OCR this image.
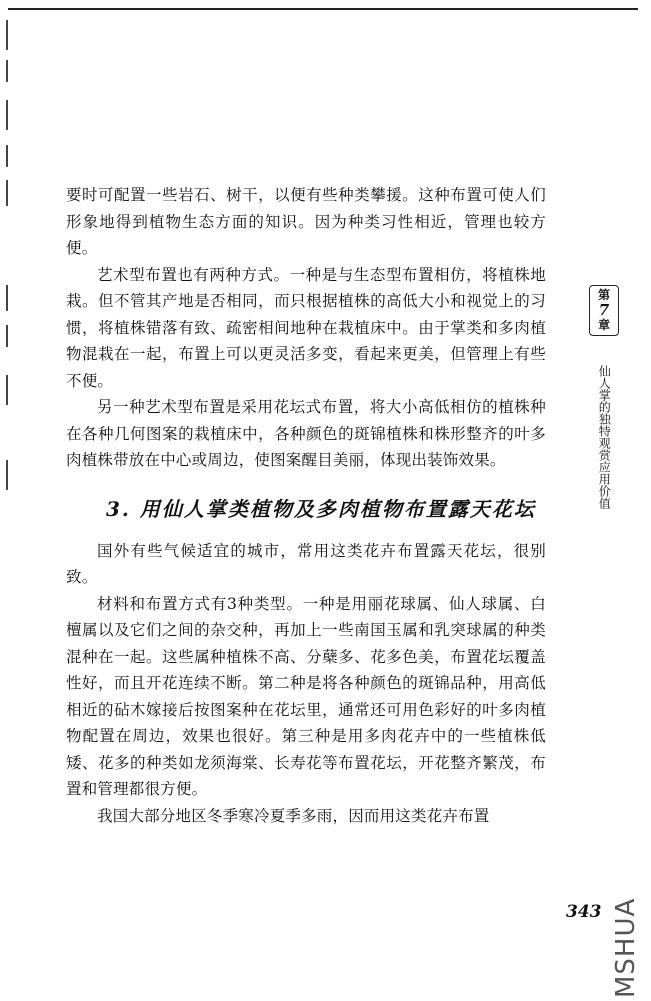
要时可配置一些岩石、树干，以便有些种类攀援。这种布置可使人们形象地得到植物生态方面的知识。因为种类习性相近，管理也较方便。

艺术型布置也有两种方式。一种是与生态型布置相仿，将植株地栽。但不管其产地是否相同，而只根据植株的高低大小和视觉上的习惯，将植株错落有致、疏密相间地种在栽植床中。由于掌类和多肉植物混栽在一起，布置上可以更灵活多变，看起来更美，但管理上有些不便。

另一种艺术型布置是采用花坛式布置，将大小高低相仿的植株种在各种几何图案的栽植床中，各种颜色的斑锦植株和株形整齐的叶多肉植株带放在中心或周边，使图案醒目美丽，体现出装饰效果。

3. 用仙人掌类植物及多肉植物布置露天花坛

国外有些气候适宜的城市，常用这类花卉布置露天花坛，很别致。

材料和布置方式有3种类型。一种是用丽花球属、仙人球属、白檀属以及它们之间的杂交种，再加上一些南国玉属和乳突球属的种类混种在一起。这些属种植株不高、分蘖多、花多色美，布置花坛覆盖性好，而且开花连续不断。第二种是将各种颜色的斑锦品种，用高低相近的砧木嫁接后按图案种在花坛里，通常还可用色彩好的叶多肉植物配置在周边，效果也很好。第三种是用多肉花卉中的一些植株低矮、花多的种类如龙须海棠、长寿花等布置花坛，开花整齐繁茂，布置和管理都很方便。

我国大部分地区冬季寒冷夏季多雨，因而用这类花卉布置

第
7
章
仙人掌的独特观赏应用价值
343 MSHUA
